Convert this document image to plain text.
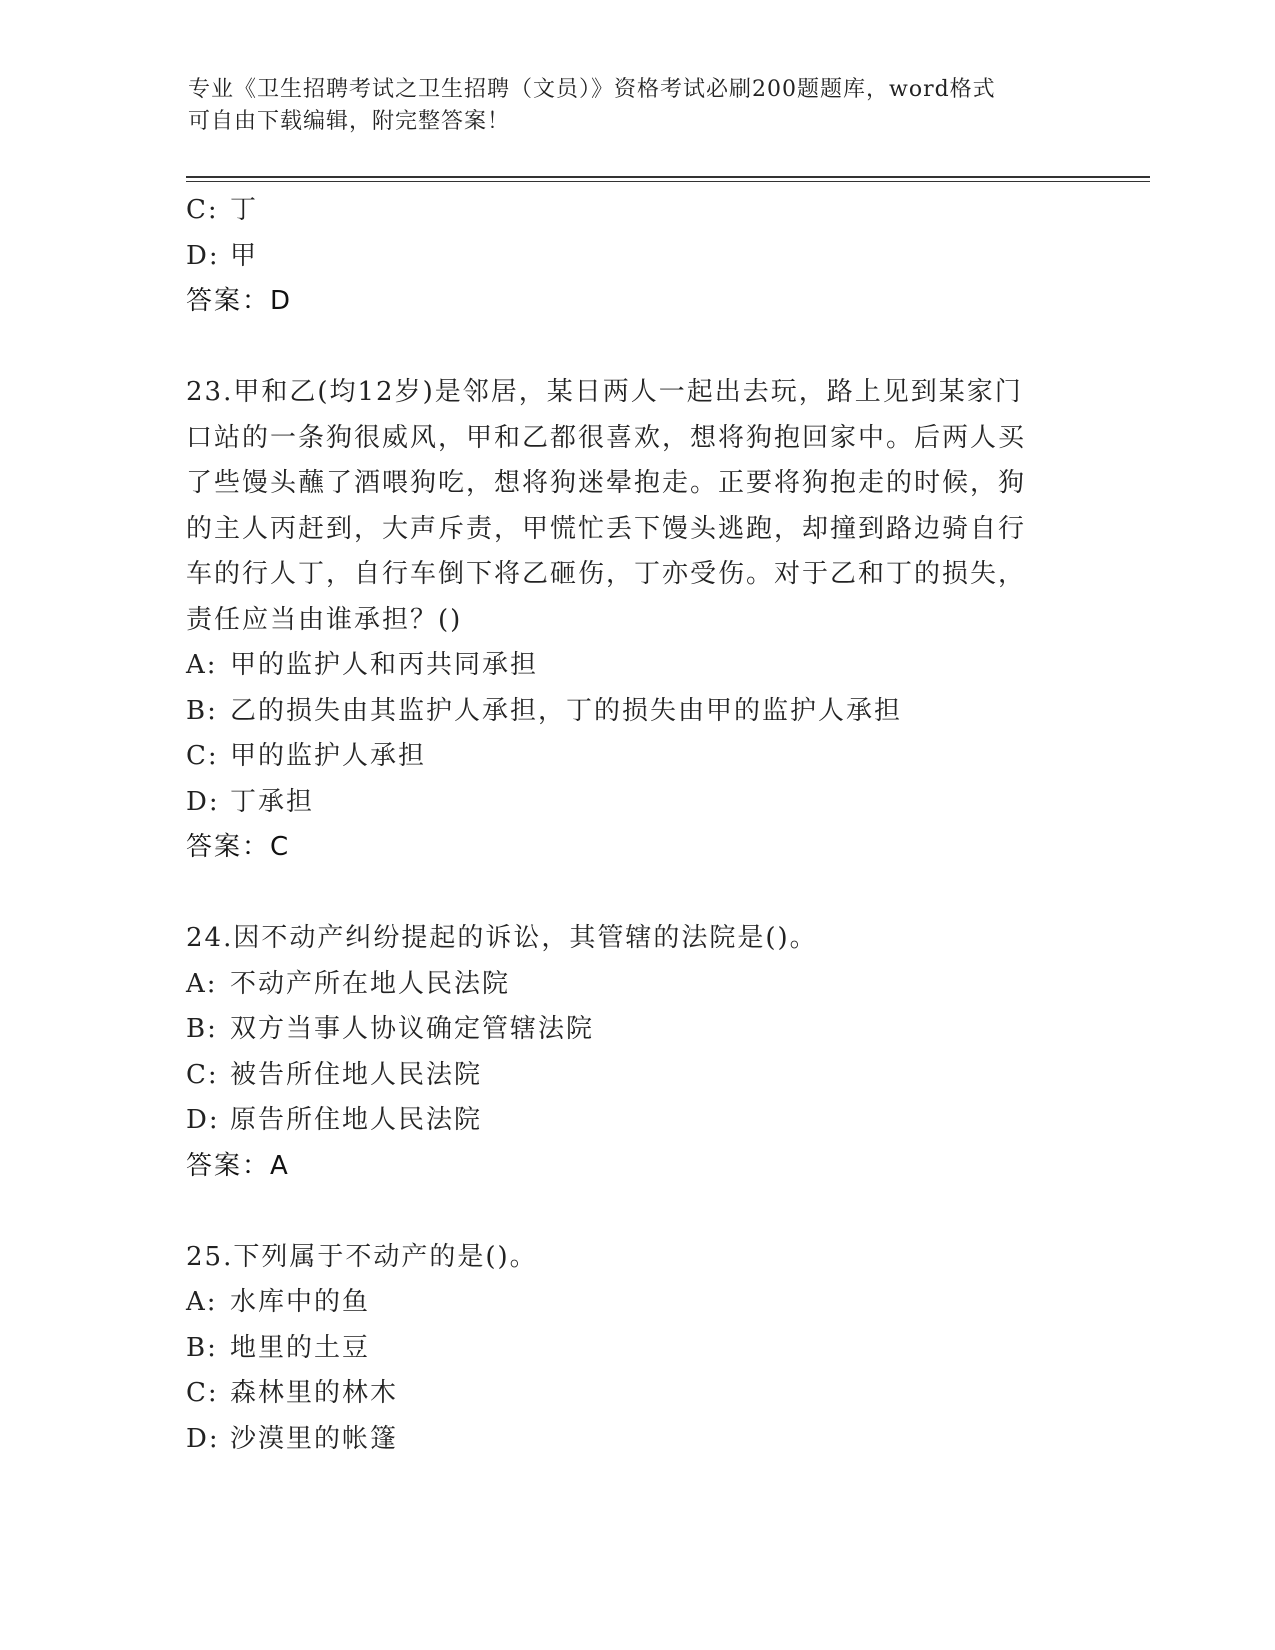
专业《卫生招聘考试之卫生招聘（文员）》资格考试必刷200题题库，word格式
可自由下载编辑，附完整答案！
C: 丁
D: 甲
答案：D
23.甲和乙(均12岁)是邻居，某日两人一起出去玩，路上见到某家门
口站的一条狗很威风，甲和乙都很喜欢，想将狗抱回家中。后两人买
了些馒头蘸了酒喂狗吃，想将狗迷晕抱走。正要将狗抱走的时候，狗
的主人丙赶到，大声斥责，甲慌忙丢下馒头逃跑，却撞到路边骑自行
车的行人丁，自行车倒下将乙砸伤，丁亦受伤。对于乙和丁的损失，
责任应当由谁承担？()
A: 甲的监护人和丙共同承担
B: 乙的损失由其监护人承担，丁的损失由甲的监护人承担
C: 甲的监护人承担
D: 丁承担
答案：C
24.因不动产纠纷提起的诉讼，其管辖的法院是()。
A: 不动产所在地人民法院
B: 双方当事人协议确定管辖法院
C: 被告所住地人民法院
D: 原告所住地人民法院
答案：A
25.下列属于不动产的是()。
A: 水库中的鱼
B: 地里的土豆
C: 森林里的林木
D: 沙漠里的帐篷
